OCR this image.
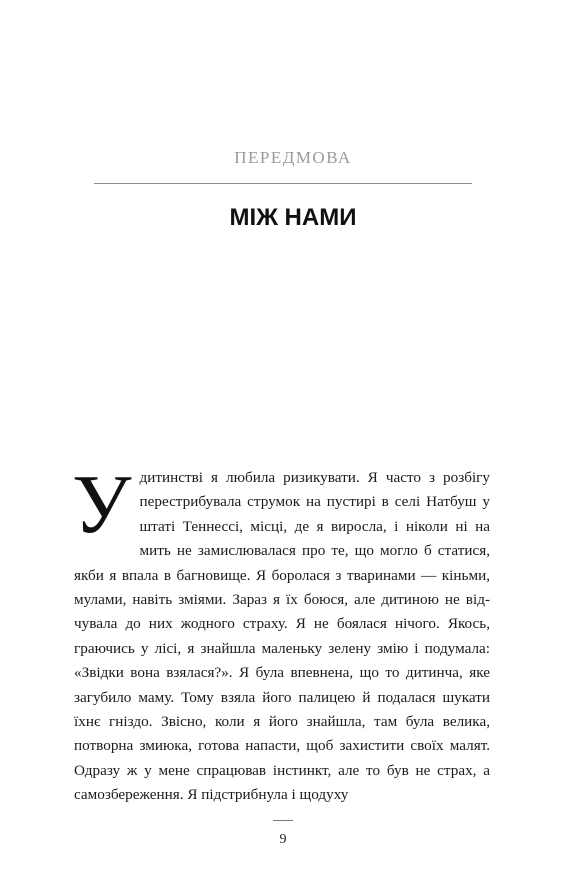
ПЕРЕДМОВА
МІЖ НАМИ
Удитинстві я любила ризикувати. Я часто з розбігу перестрибувала струмок на пустирі в селі Натбуш у штаті Теннессі, місці, де я виросла, і ніколи ні на мить не замислювалася про те, що могло б статися, якби я впала в багновище. Я боролася з тваринами — кіньми, мулами, навіть зміями. Зараз я їх боюся, але дитиною не відчувала до них жодного страху. Я не боялася нічого. Якось, граючись у лісі, я знайшла маленьку зелену змію і подумала: «Звідки вона взялася?». Я була впевнена, що то дитинча, яке загубило маму. Тому взяла його палицею й подалася шукати їхнє гніздо. Звісно, коли я його знайшла, там була велика, потворна змиюка, готова напасти, щоб захистити своїх малят. Одразу ж у мене спрацював інстинкт, але то був не страх, а самозбереження. Я підстрибнула і щодуху
9
